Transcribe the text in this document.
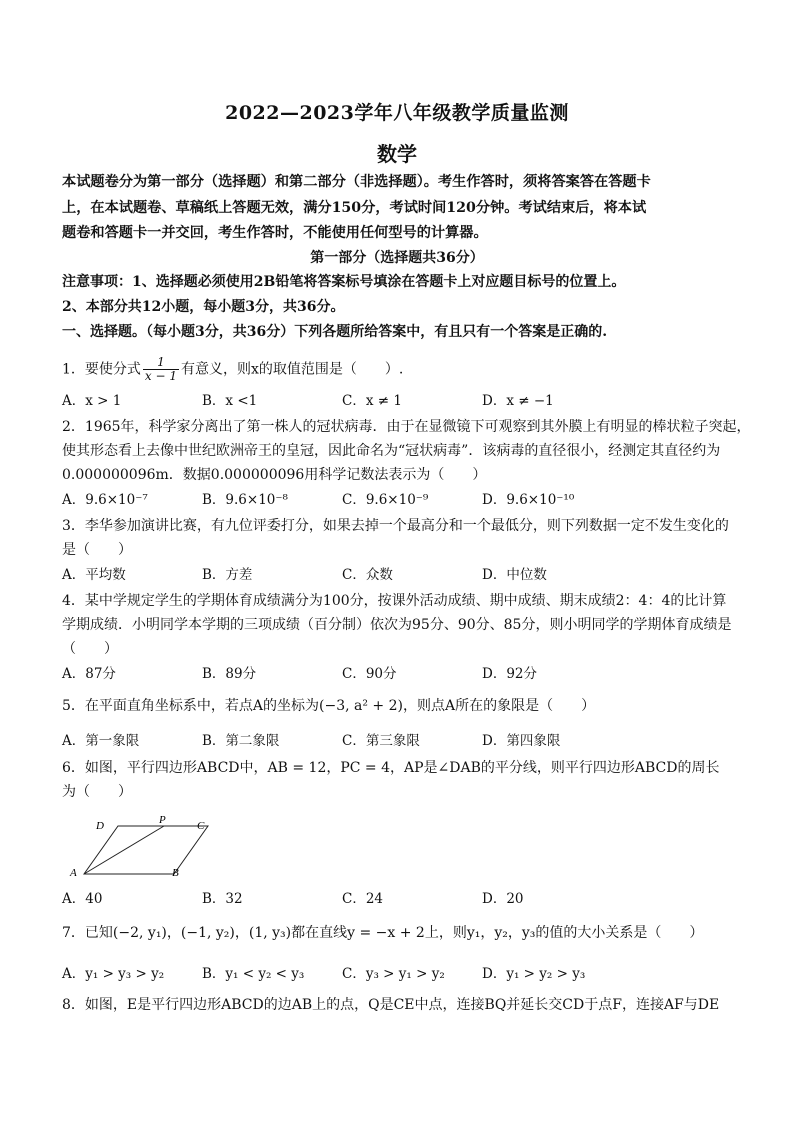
2022—2023学年八年级教学质量监测
数学
本试题卷分为第一部分（选择题）和第二部分（非选择题）。考生作答时，须将答案答在答题卡
上，在本试题卷、草稿纸上答题无效，满分150分，考试时间120分钟。考试结束后，将本试
题卷和答题卡一并交回，考生作答时，不能使用任何型号的计算器。
第一部分（选择题共36分）
注意事项：1、选择题必须使用2B铅笔将答案标号填涂在答题卡上对应题目标号的位置上。
2、本部分共12小题，每小题3分，共36分。
一、选择题。（每小题3分，共36分）下列各题所给答案中，有且只有一个答案是正确的.
1．要使分式 $\frac{1}{x - 1}$ 有意义，则x的取值范围是（　　）.
A．x > 1	B．x <1	C．x ≠ 1	D．x ≠ −1
2．1965年，科学家分离出了第一株人的冠状病毒．由于在显微镜下可观察到其外膜上有明显的棒状粒子突起，
使其形态看上去像中世纪欧洲帝王的皇冠，因此命名为“冠状病毒”．该病毒的直径很小，经测定其直径约为
0.000000096m．数据0.000000096用科学记数法表示为（　　）
A．9.6×10⁻⁷	B．9.6×10⁻⁸	C．9.6×10⁻⁹	D．9.6×10⁻¹⁰
3．李华参加演讲比赛，有九位评委打分，如果去掉一个最高分和一个最低分，则下列数据一定不发生变化的
是（　　）
A．平均数	B．方差	C．众数	D．中位数
4．某中学规定学生的学期体育成绩满分为100分，按课外活动成绩、期中成绩、期末成绩2：4：4的比计算
学期成绩．小明同学本学期的三项成绩（百分制）依次为95分、90分、85分，则小明同学的学期体育成绩是
（　　）
A．87分	B．89分	C．90分	D．92分
5．在平面直角坐标系中，若点A的坐标为(−3, a² + 2)，则点A所在的象限是（　　）
A．第一象限	B．第二象限	C．第三象限	D．第四象限
6．如图，平行四边形ABCD中，AB = 12，PC = 4，AP是∠DAB的平分线，则平行四边形ABCD的周长
为（　　）
A	B
C
D	P
A．40	B．32	C．24	D．20
7．已知(−2, y₁)，(−1, y₂)，(1, y₃)都在直线y = −x + 2上，则y₁，y₂，y₃的值的大小关系是（　　）
A．y₁ > y₃ > y₂	B．y₁ < y₂ < y₃	C．y₃ > y₁ > y₂	D．y₁ > y₂ > y₃
8．如图，E是平行四边形ABCD的边AB上的点，Q是CE中点，连接BQ并延长交CD于点F，连接AF与DE
